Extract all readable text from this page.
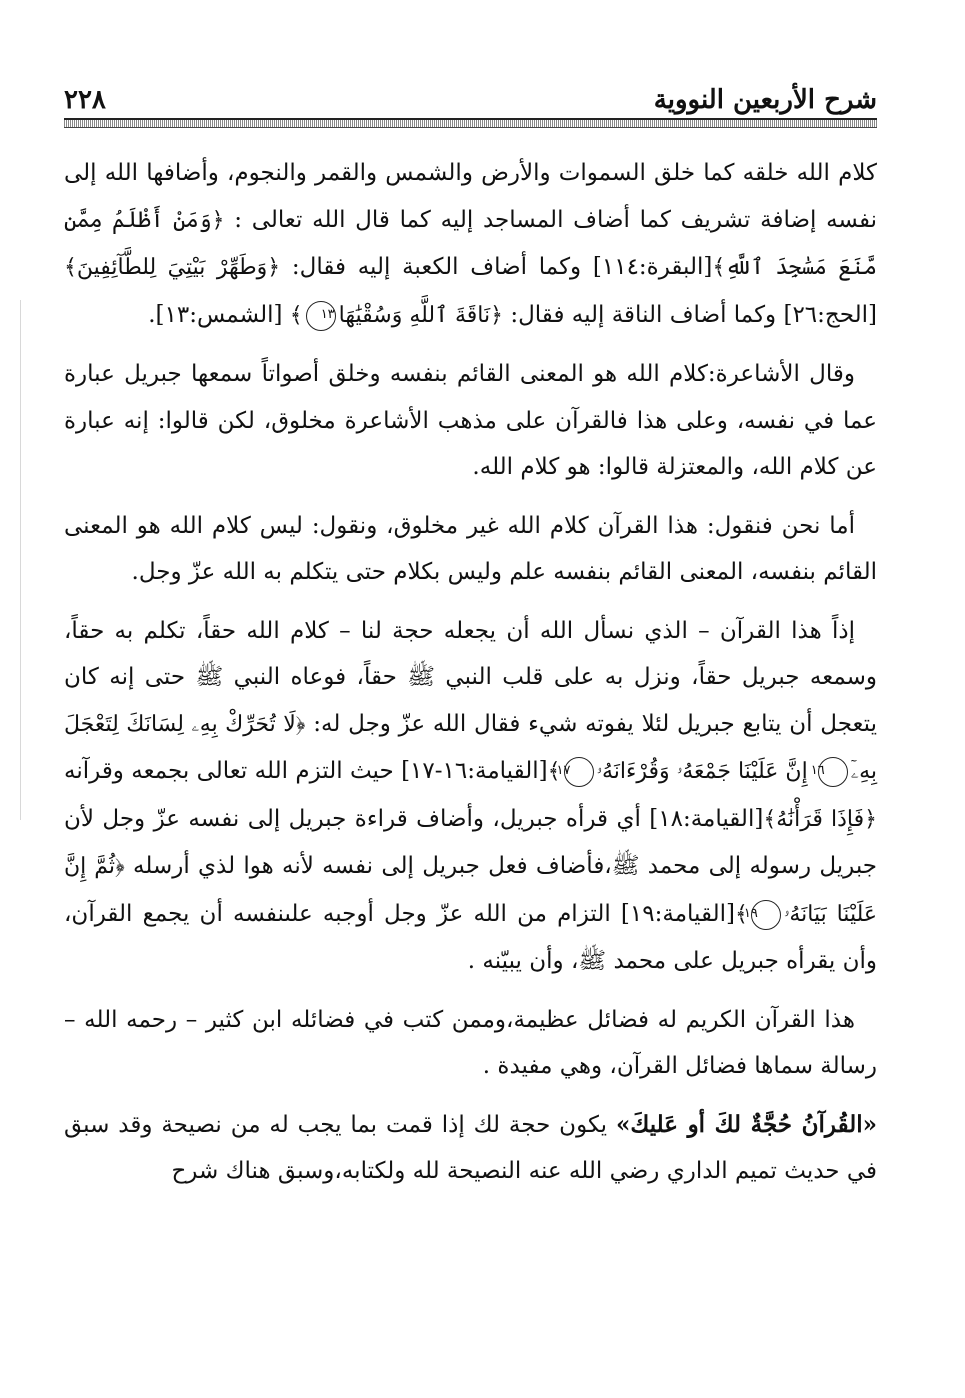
شرح الأربعين النووية
٢٢٨

كلام الله خلقه كما خلق السموات والأرض والشمس والقمر والنجوم، وأضافها الله إلى نفسه إضافة تشريف كما أضاف المساجد إليه كما قال الله تعالى : ﴿وَمَنْ أَظْلَمُ مِمَّن مَّنَعَ مَسَٰجِدَ ٱللَّهِ﴾[البقرة:١١٤] وكما أضاف الكعبة إليه فقال: ﴿وَطَهِّرْ بَيْتِيَ لِلطَّآئِفِينَ﴾[الحج:٢٦] وكما أضاف الناقة إليه فقال: ﴿نَاقَةَ ٱللَّهِ وَسُقْيَٰهَا١٣﴾ [الشمس:١٣].

وقال الأشاعرة:كلام الله هو المعنى القائم بنفسه وخلق أصواتاً سمعها جبريل عبارة عما في نفسه، وعلى هذا فالقرآن على مذهب الأشاعرة مخلوق، لكن قالوا: إنه عبارة عن كلام الله، والمعتزلة قالوا: هو كلام الله.

أما نحن فنقول: هذا القرآن كلام الله غير مخلوق، ونقول: ليس كلام الله هو المعنى القائم بنفسه، المعنى القائم بنفسه علم وليس بكلام حتى يتكلم به الله عزّ وجل.

إذاً هذا القرآن – الذي نسأل الله أن يجعله حجة لنا – كلام الله حقاً، تكلم به حقاً، وسمعه جبريل حقاً، ونزل به على قلب النبي ﷺ حقاً، فوعاه النبي ﷺ حتى إنه كان يتعجل أن يتابع جبريل لئلا يفوته شيء فقال الله عزّ وجل له: ﴿لَا تُحَرِّكْ بِهِۦ لِسَانَكَ لِتَعْجَلَ بِهِۦٓ١٦ إِنَّ عَلَيْنَا جَمْعَهُۥ وَقُرْءَانَهُۥ١٧﴾[القيامة:١٦-١٧] حيث التزم الله تعالى بجمعه وقرآنه ﴿فَإِذَا قَرَأْنَٰهُ﴾[القيامة:١٨] أي قرأه جبريل، وأضاف قراءة جبريل إلى نفسه عزّ وجل لأن جبريل رسوله إلى محمد ﷺ،فأضاف فعل جبريل إلى نفسه لأنه هوا لذي أرسله ﴿ثُمَّ إِنَّ عَلَيْنَا بَيَانَهُۥ١٩﴾[القيامة:١٩] التزام من الله عزّ وجل أوجبه علىنفسه أن يجمع القرآن، وأن يقرأه جبريل على محمد ﷺ، وأن يبيّنه .

هذا القرآن الكريم له فضائل عظيمة،وممن كتب في فضائله ابن كثير – رحمه الله – رسالة سماها فضائل القرآن، وهي مفيدة .

«القُرآنُ حُجَّةٌ لكَ أو عَليكَ» يكون حجة لك إذا قمت بما يجب له من نصيحة وقد سبق في حديث تميم الداري رضي الله عنه النصيحة لله ولكتابه،وسبق هناك شرح
